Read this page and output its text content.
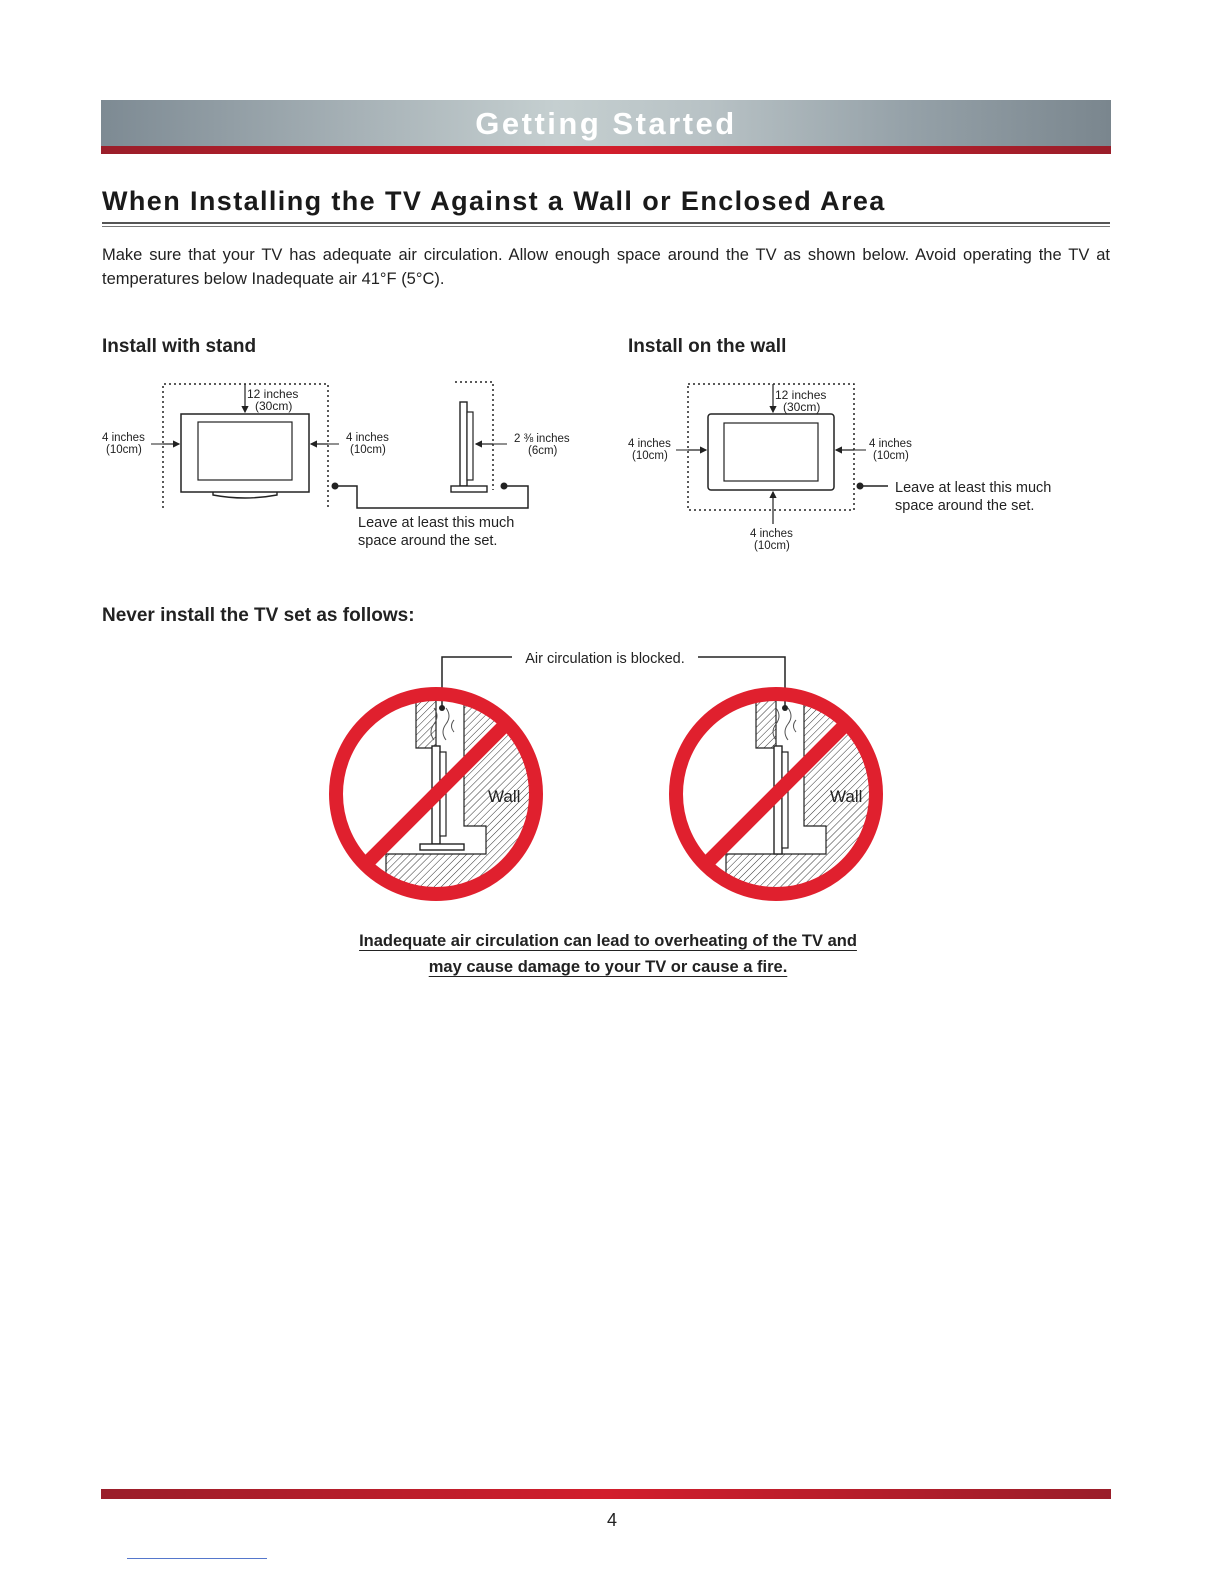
Getting Started
When Installing the TV Against a Wall or Enclosed Area
Make sure that your TV has adequate air circulation. Allow enough space around the TV as shown below. Avoid operating the TV at temperatures below Inadequate air 41°F (5°C).
Install with stand	Install on the wall
12 inches
(30cm)
4 inches
(10cm)
4 inches
(10cm)
2 ⅜ inches
(6cm)
Leave at least this much
space around the set.
12 inches
(30cm)
4 inches
(10cm)
4 inches
(10cm)
4 inches
(10cm)
Leave at least this much
space around the set.
Never install the TV set as follows:
Air circulation is blocked.
Wall	Wall
Inadequate air circulation can lead to overheating of the TV and
may cause damage to your TV or cause a fire.
4
